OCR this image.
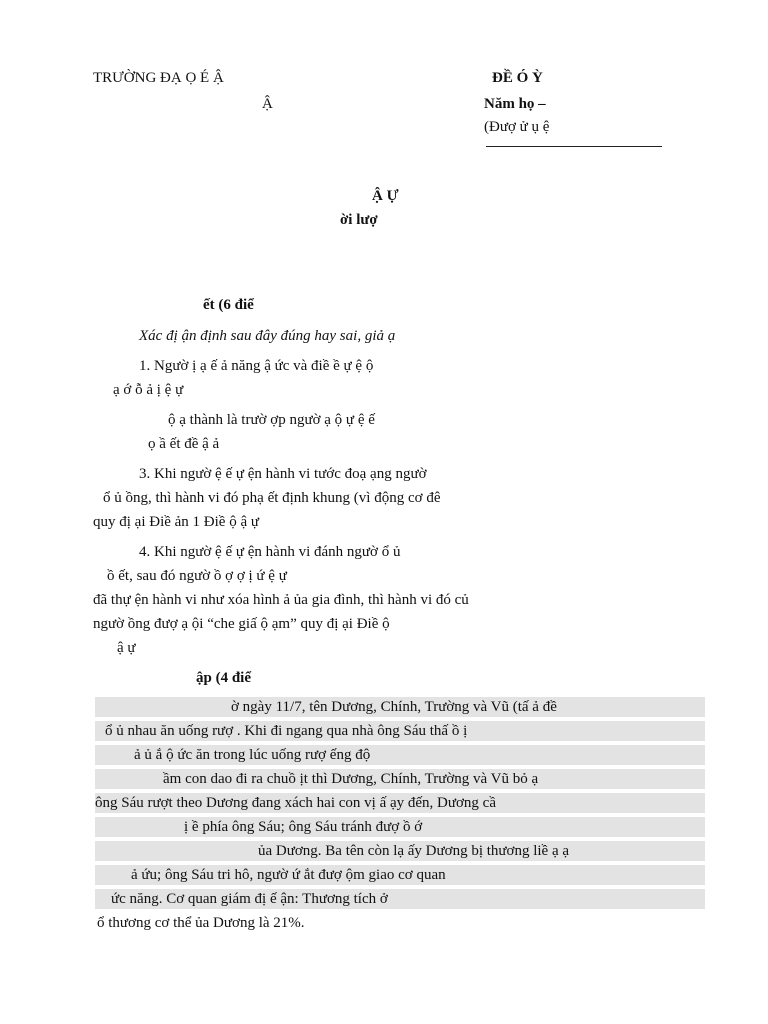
TRƯỜNG ĐẠ Ọ É Ậ
Ậ
ĐỀ Ó Ỳ
Năm họ –
(Đượ ử ụ ệ
Ậ Ự
ời lượ
ết (6 điể
Xác đị ận định sau đây đúng hay sai, giả ạ
1. Ngườ ị ạ ế ả năng ậ ức và điề ề ự ệ ộ
ạ ớ ỗ ả ị ệ ự
ộ ạ thành là trườ ợp ngườ ạ ộ ự ệ ế
ọ ầ ết đề ậ ả
3. Khi ngườ ệ ế ự ện hành vi tước đoạ ạng ngườ
ổ ủ ồng, thì hành vi đó phạ ết định khung (vì động cơ đê
quy đị ại Điề ản 1 Điề ộ ậ ự
4. Khi ngườ ệ ế ự ện hành vi đánh ngườ ổ ủ
ồ ết, sau đó ngườ ồ ợ ợ ị ứ ệ ự
đã thự ện hành vi như xóa hình ả ủa gia đình, thì hành vi đó củ
ngườ ồng đượ ạ ội “che giấ ộ ạm” quy đị ại Điề ộ
ậ ự
ập (4 điể
ờ ngày 11/7, tên Dương, Chính, Trường và Vũ (tấ ả đề
ổ ủ nhau ăn uống rượ . Khi đi ngang qua nhà ông Sáu thấ ồ ị
ả ủ ắ ộ ức ăn trong lúc uống rượ ếng độ
ầm con dao đi ra chuồ ịt thì Dương, Chính, Trường và Vũ bỏ ạ
ông Sáu rượt theo Dương đang xách hai con vị ấ ạy đến, Dương cầ
ị ề phía ông Sáu; ông Sáu tránh đượ ồ ớ
ủa Dương. Ba tên còn lạ ấy Dương bị thương liề ạ ạ
ả ứu; ông Sáu tri hô, ngườ ứ ắt đượ ộm giao cơ quan
ức năng. Cơ quan giám đị ế ận: Thương tích ở
ổ thương cơ thể ủa Dương là 21%.
